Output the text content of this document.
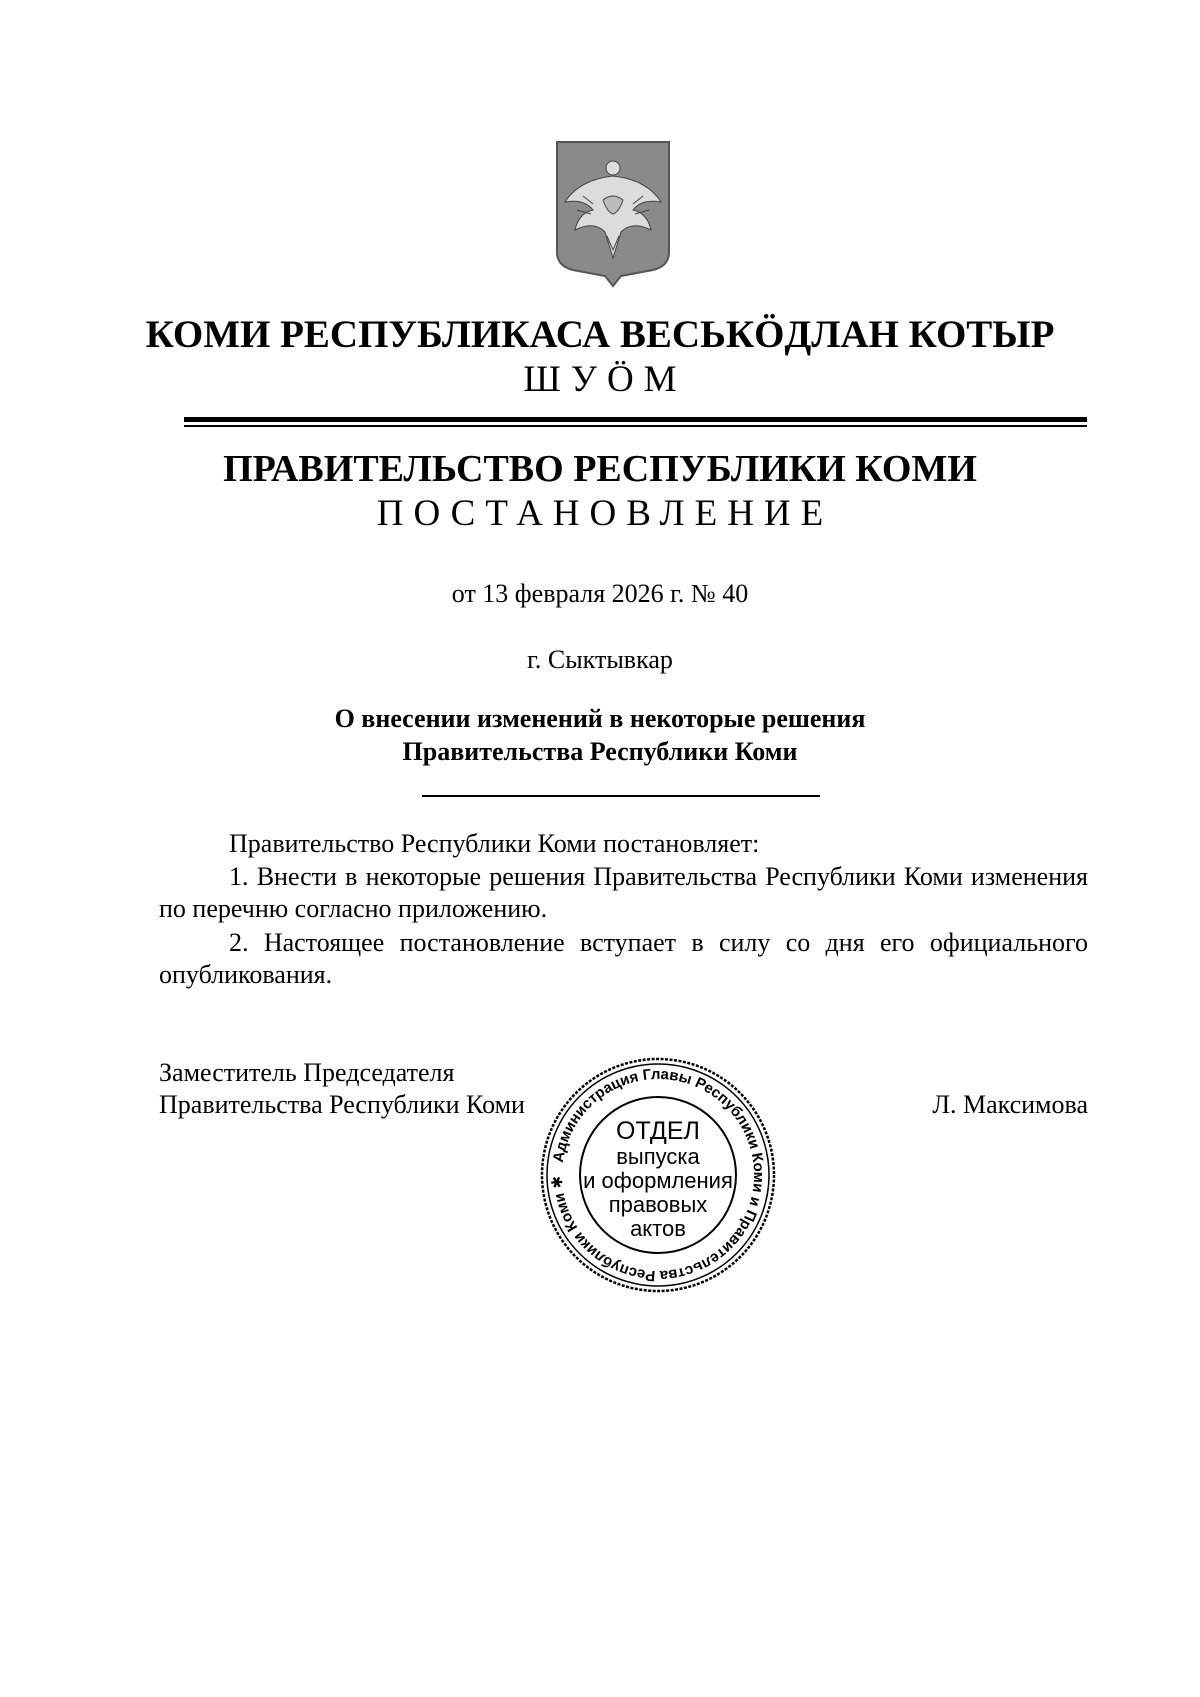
КОМИ РЕСПУБЛИКАСА ВЕСЬКӦДЛАН КОТЫР
ШУӦМ
ПРАВИТЕЛЬСТВО РЕСПУБЛИКИ КОМИ
ПОСТАНОВЛЕНИЕ
от 13 февраля 2026 г. № 40
г. Сыктывкар
О внесении изменений в некоторые решения
Правительства Республики Коми
Правительство Республики Коми постановляет:
1. Внести в некоторые решения Правительства Республики Коми изменения по перечню согласно приложению.
2. Настоящее постановление вступает в силу со дня его официального опубликования.
Заместитель Председателя
Правительства Республики Коми	Л. Максимова
Администрация Главы Республики Коми и Правительства Республики Коми ✱
ОТДЕЛ
выпуска
и оформления
правовых
актов
